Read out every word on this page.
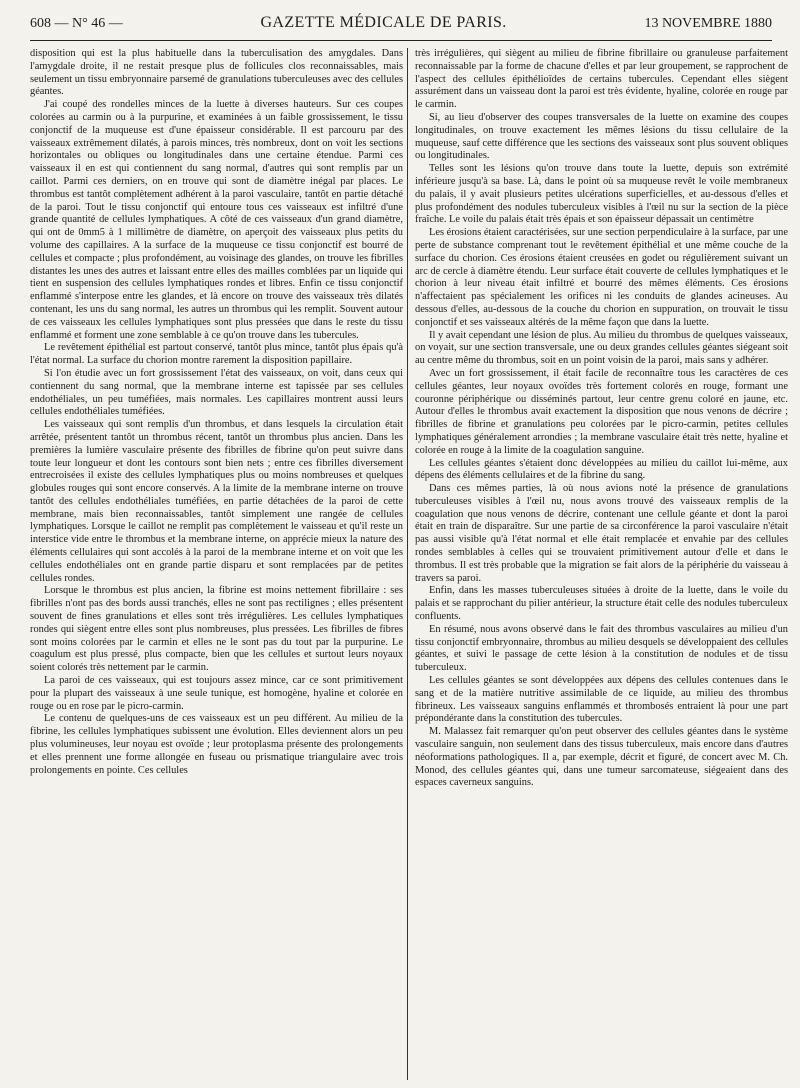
608 — N° 46 —	GAZETTE MÉDICALE DE PARIS.	13 NOVEMBRE 1880

disposition qui est la plus habituelle dans la tuberculisation des amygdales. Dans l'amygdale droite, il ne restait presque plus de follicules clos reconnaissables, mais seulement un tissu embryonnaire parsemé de granulations tuberculeuses avec des cellules géantes.

J'ai coupé des rondelles minces de la luette à diverses hauteurs. Sur ces coupes colorées au carmin ou à la purpurine, et examinées à un faible grossissement, le tissu conjonctif de la muqueuse est d'une épaisseur considérable. Il est parcouru par des vaisseaux extrêmement dilatés, à parois minces, très nombreux, dont on voit les sections horizontales ou obliques ou longitudinales dans une certaine étendue. Parmi ces vaisseaux il en est qui contiennent du sang normal, d'autres qui sont remplis par un caillot. Parmi ces derniers, on en trouve qui sont de diamètre inégal par places. Le thrombus est tantôt complètement adhérent à la paroi vasculaire, tantôt en partie détaché de la paroi. Tout le tissu conjonctif qui entoure tous ces vaisseaux est infiltré d'une grande quantité de cellules lymphatiques. A côté de ces vaisseaux d'un grand diamètre, qui ont de 0mm5 à 1 millimètre de diamètre, on aperçoit des vaisseaux plus petits du volume des capillaires. A la surface de la muqueuse ce tissu conjonctif est bourré de cellules et compacte ; plus profondément, au voisinage des glandes, on trouve les fibrilles distantes les unes des autres et laissant entre elles des mailles comblées par un liquide qui tient en suspension des cellules lymphatiques rondes et libres. Enfin ce tissu conjonctif enflammé s'interpose entre les glandes, et là encore on trouve des vaisseaux très dilatés contenant, les uns du sang normal, les autres un thrombus qui les remplit. Souvent autour de ces vaisseaux les cellules lymphatiques sont plus pressées que dans le reste du tissu enflammé et forment une zone semblable à ce qu'on trouve dans les tubercules.

Le revêtement épithélial est partout conservé, tantôt plus mince, tantôt plus épais qu'à l'état normal. La surface du chorion montre rarement la disposition papillaire.

Si l'on étudie avec un fort grossissement l'état des vaisseaux, on voit, dans ceux qui contiennent du sang normal, que la membrane interne est tapissée par ses cellules endothéliales, un peu tuméfiées, mais normales. Les capillaires montrent aussi leurs cellules endothéliales tuméfiées.

Les vaisseaux qui sont remplis d'un thrombus, et dans lesquels la circulation était arrêtée, présentent tantôt un thrombus récent, tantôt un thrombus plus ancien. Dans les premières la lumière vasculaire présente des fibrilles de fibrine qu'on peut suivre dans toute leur longueur et dont les contours sont bien nets ; entre ces fibrilles diversement entrecroisées il existe des cellules lymphatiques plus ou moins nombreuses et quelques globules rouges qui sont encore conservés. A la limite de la membrane interne on trouve tantôt des cellules endothéliales tuméfiées, en partie détachées de la paroi de cette membrane, mais bien reconnaissables, tantôt simplement une rangée de cellules lymphatiques. Lorsque le caillot ne remplit pas complètement le vaisseau et qu'il reste un interstice vide entre le thrombus et la membrane interne, on apprécie mieux la nature des éléments cellulaires qui sont accolés à la paroi de la membrane interne et on voit que les cellules endothéliales ont en grande partie disparu et sont remplacées par de petites cellules rondes.

Lorsque le thrombus est plus ancien, la fibrine est moins nettement fibrillaire : ses fibrilles n'ont pas des bords aussi tranchés, elles ne sont pas rectilignes ; elles présentent souvent de fines granulations et elles sont très irrégulières. Les cellules lymphatiques rondes qui siègent entre elles sont plus nombreuses, plus pressées. Les fibrilles de fibres sont moins colorées par le carmin et elles ne le sont pas du tout par la purpurine. Le coagulum est plus pressé, plus compacte, bien que les cellules et surtout leurs noyaux soient colorés très nettement par le carmin.

La paroi de ces vaisseaux, qui est toujours assez mince, car ce sont primitivement pour la plupart des vaisseaux à une seule tunique, est homogène, hyaline et colorée en rouge ou en rose par le picro-carmin.

Le contenu de quelques-uns de ces vaisseaux est un peu différent. Au milieu de la fibrine, les cellules lymphatiques subissent une évolution. Elles deviennent alors un peu plus volumineuses, leur noyau est ovoïde ; leur protoplasma présente des prolongements et elles prennent une forme allongée en fuseau ou prismatique triangulaire avec trois prolongements en pointe. Ces cellules

très irrégulières, qui siègent au milieu de fibrine fibrillaire ou granuleuse parfaitement reconnaissable par la forme de chacune d'elles et par leur groupement, se rapprochent de l'aspect des cellules épithélioïdes de certains tubercules. Cependant elles siègent assurément dans un vaisseau dont la paroi est très évidente, hyaline, colorée en rouge par le carmin.

Si, au lieu d'observer des coupes transversales de la luette on examine des coupes longitudinales, on trouve exactement les mêmes lésions du tissu cellulaire de la muqueuse, sauf cette différence que les sections des vaisseaux sont plus souvent obliques ou longitudinales.

Telles sont les lésions qu'on trouve dans toute la luette, depuis son extrémité inférieure jusqu'à sa base. Là, dans le point où sa muqueuse revêt le voile membraneux du palais, il y avait plusieurs petites ulcérations superficielles, et au-dessous d'elles et plus profondément des nodules tuberculeux visibles à l'œil nu sur la section de la pièce fraîche. Le voile du palais était très épais et son épaisseur dépassait un centimètre

Les érosions étaient caractérisées, sur une section perpendiculaire à la surface, par une perte de substance comprenant tout le revêtement épithélial et une même couche de la surface du chorion. Ces érosions étaient creusées en godet ou régulièrement suivant un arc de cercle à diamètre étendu. Leur surface était couverte de cellules lymphatiques et le chorion à leur niveau était infiltré et bourré des mêmes éléments. Ces érosions n'affectaient pas spécialement les orifices ni les conduits de glandes acineuses. Au dessous d'elles, au-dessous de la couche du chorion en suppuration, on trouvait le tissu conjonctif et ses vaisseaux altérés de la même façon que dans la luette.

Il y avait cependant une lésion de plus. Au milieu du thrombus de quelques vaisseaux, on voyait, sur une section transversale, une ou deux grandes cellules géantes siégeant soit au centre même du thrombus, soit en un point voisin de la paroi, mais sans y adhérer.

Avec un fort grossissement, il était facile de reconnaître tous les caractères de ces cellules géantes, leur noyaux ovoïdes très fortement colorés en rouge, formant une couronne périphérique ou disséminés partout, leur centre grenu coloré en jaune, etc. Autour d'elles le thrombus avait exactement la disposition que nous venons de décrire ; fibrilles de fibrine et granulations peu colorées par le picro-carmin, petites cellules lymphatiques généralement arrondies ; la membrane vasculaire était très nette, hyaline et colorée en rouge à la limite de la coagulation sanguine.

Les cellules géantes s'étaient donc développées au milieu du caillot lui-même, aux dépens des éléments cellulaires et de la fibrine du sang.

Dans ces mêmes parties, là où nous avions noté la présence de granulations tuberculeuses visibles à l'œil nu, nous avons trouvé des vaisseaux remplis de la coagulation que nous venons de décrire, contenant une cellule géante et dont la paroi était en train de disparaître. Sur une partie de sa circonférence la paroi vasculaire n'était pas aussi visible qu'à l'état normal et elle était remplacée et envahie par des cellules rondes semblables à celles qui se trouvaient primitivement autour d'elle et dans le thrombus. Il est très probable que la migration se fait alors de la périphérie du vaisseau à travers sa paroi.

Enfin, dans les masses tuberculeuses situées à droite de la luette, dans le voile du palais et se rapprochant du pilier antérieur, la structure était celle des nodules tuberculeux confluents.

En résumé, nous avons observé dans le fait des thrombus vasculaires au milieu d'un tissu conjonctif embryonnaire, thrombus au milieu desquels se développaient des cellules géantes, et suivi le passage de cette lésion à la constitution de nodules et de tissu tuberculeux.

Les cellules géantes se sont développées aux dépens des cellules contenues dans le sang et de la matière nutritive assimilable de ce liquide, au milieu des thrombus fibrineux. Les vaisseaux sanguins enflammés et thrombosés entraient là pour une part prépondérante dans la constitution des tubercules.

M. Malassez fait remarquer qu'on peut observer des cellules géantes dans le système vasculaire sanguin, non seulement dans des tissus tuberculeux, mais encore dans d'autres néoformations pathologiques. Il a, par exemple, décrit et figuré, de concert avec M. Ch. Monod, des cellules géantes qui, dans une tumeur sarcomateuse, siégeaient dans des espaces caverneux sanguins.
